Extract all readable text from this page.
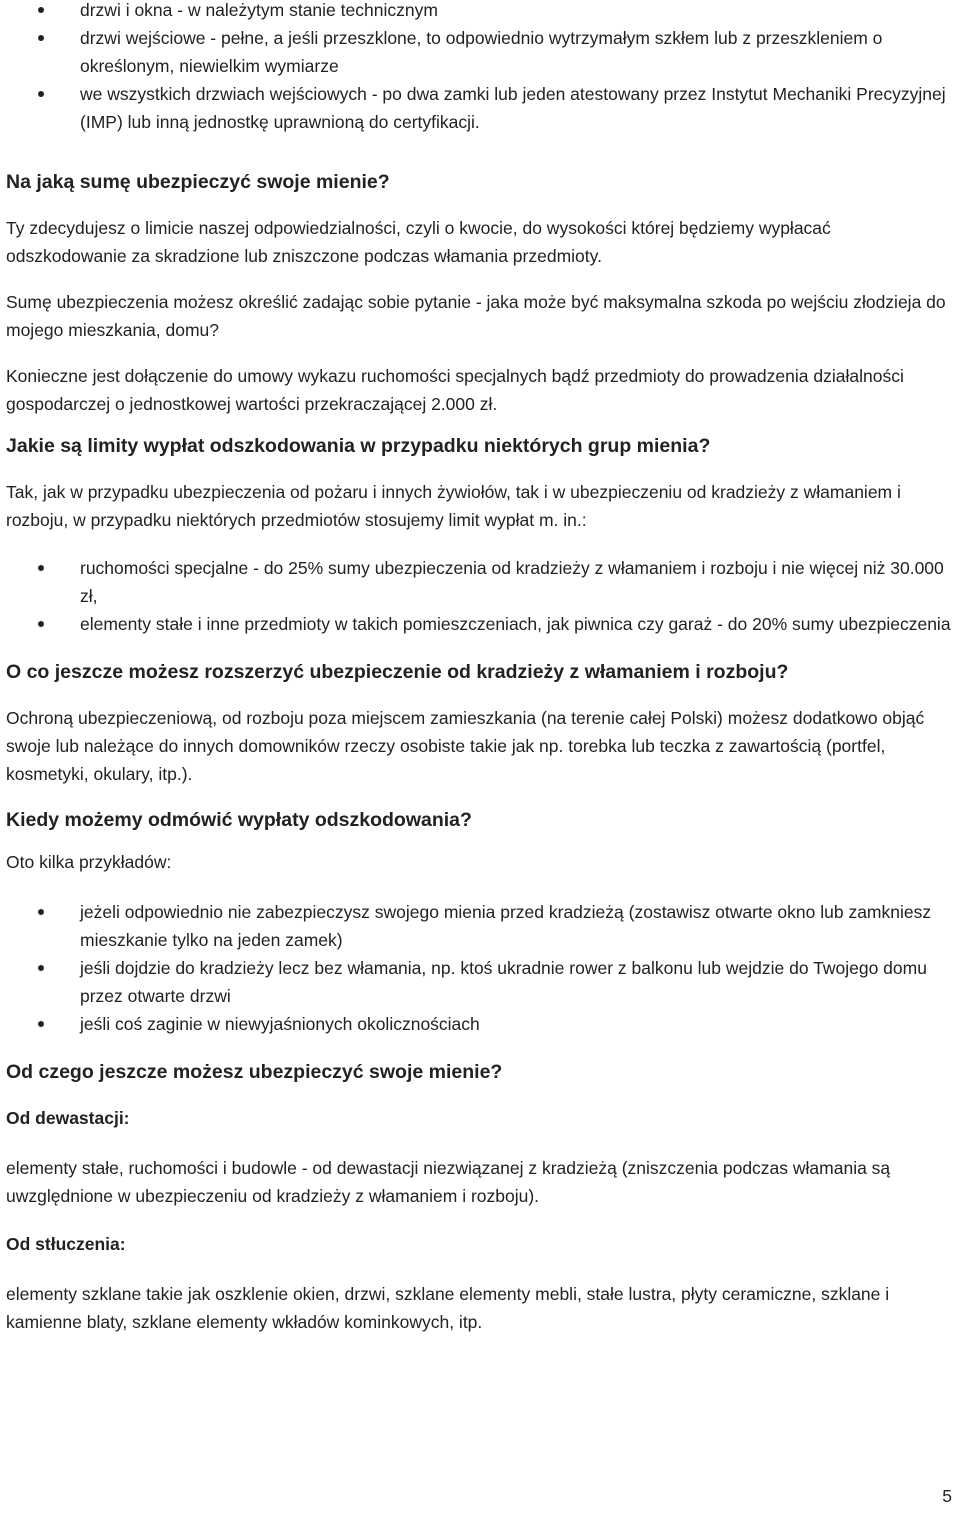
drzwi i okna - w należytym stanie technicznym
drzwi wejściowe - pełne, a jeśli przeszklone, to odpowiednio wytrzymałym szkłem lub z przeszkleniem o określonym, niewielkim wymiarze
we wszystkich drzwiach wejściowych - po dwa zamki lub jeden atestowany przez Instytut Mechaniki Precyzyjnej (IMP) lub inną jednostkę uprawnioną do certyfikacji.
Na jaką sumę ubezpieczyć swoje mienie?

Ty zdecydujesz o limicie naszej odpowiedzialności, czyli o kwocie, do wysokości której będziemy wypłacać odszkodowanie za skradzione lub zniszczone podczas włamania przedmioty.

Sumę ubezpieczenia możesz określić zadając sobie pytanie - jaka może być maksymalna szkoda po wejściu złodzieja do mojego mieszkania, domu?

Konieczne jest dołączenie do umowy wykazu ruchomości specjalnych bądź przedmioty do prowadzenia działalności gospodarczej o jednostkowej wartości przekraczającej 2.000 zł.

Jakie są limity wypłat odszkodowania w przypadku niektórych grup mienia?

Tak, jak w przypadku ubezpieczenia od pożaru i innych żywiołów, tak i w ubezpieczeniu od kradzieży z włamaniem i rozboju, w przypadku niektórych przedmiotów stosujemy limit wypłat m. in.:

ruchomości specjalne - do 25% sumy ubezpieczenia od kradzieży z włamaniem i rozboju i nie więcej niż 30.000 zł,
elementy stałe i inne przedmioty w takich pomieszczeniach, jak piwnica czy garaż - do 20% sumy ubezpieczenia
O co jeszcze możesz rozszerzyć ubezpieczenie od kradzieży z włamaniem i rozboju?

Ochroną ubezpieczeniową, od rozboju poza miejscem zamieszkania (na terenie całej Polski) możesz dodatkowo objąć swoje lub należące do innych domowników rzeczy osobiste takie jak np. torebka lub teczka z zawartością (portfel, kosmetyki, okulary, itp.).

Kiedy możemy odmówić wypłaty odszkodowania?

Oto kilka przykładów:

jeżeli odpowiednio nie zabezpieczysz swojego mienia przed kradzieżą (zostawisz otwarte okno lub zamkniesz mieszkanie tylko na jeden zamek)
jeśli dojdzie do kradzieży lecz bez włamania, np. ktoś ukradnie rower z balkonu lub wejdzie do Twojego domu przez otwarte drzwi
jeśli coś zaginie w niewyjaśnionych okolicznościach
Od czego jeszcze możesz ubezpieczyć swoje mienie?
Od dewastacji:

elementy stałe, ruchomości i budowle - od dewastacji niezwiązanej z kradzieżą (zniszczenia podczas włamania są uwzględnione w ubezpieczeniu od kradzieży z włamaniem i rozboju).

Od stłuczenia:

elementy szklane takie jak oszklenie okien, drzwi, szklane elementy mebli, stałe lustra, płyty ceramiczne, szklane i kamienne blaty, szklane elementy wkładów kominkowych, itp.

5
